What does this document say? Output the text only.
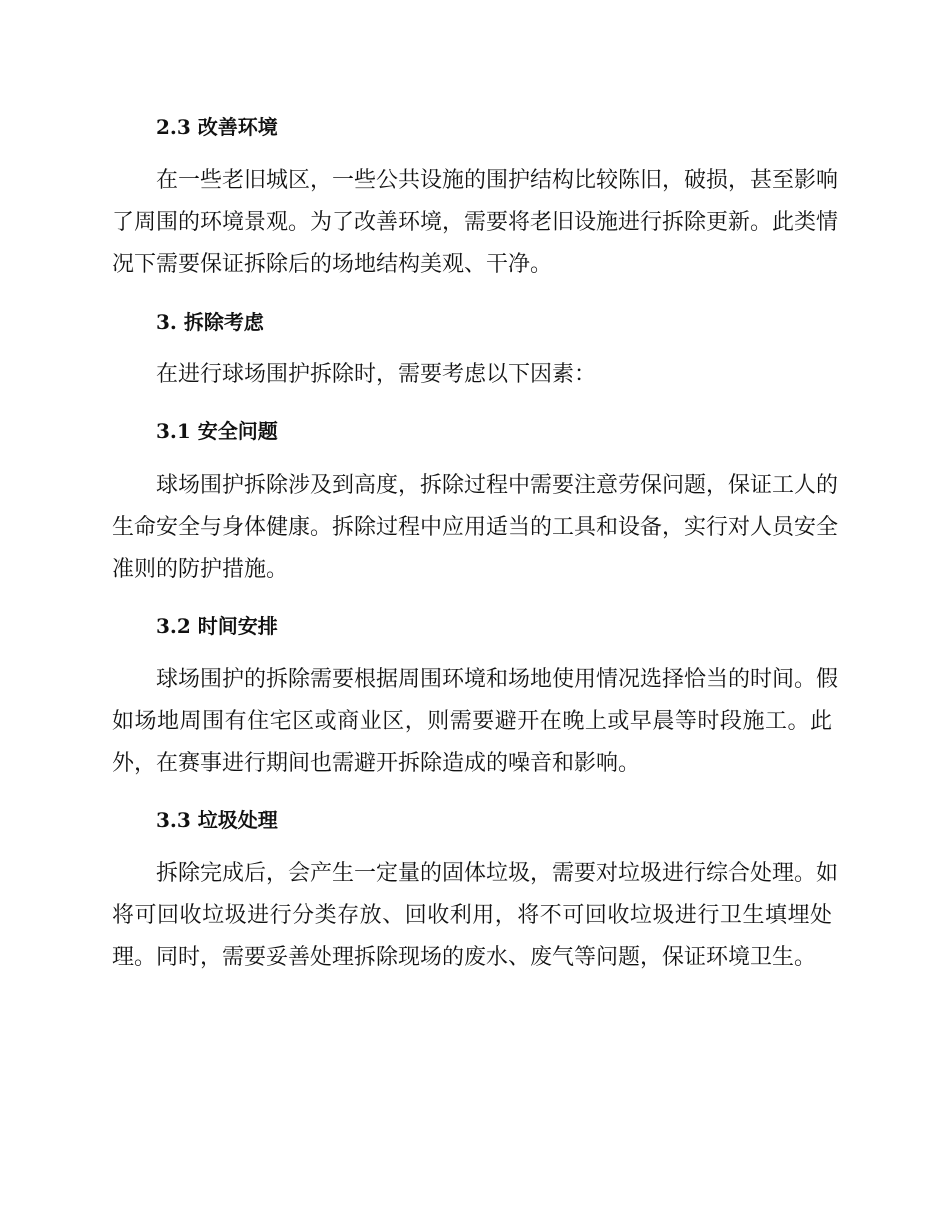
2.3 改善环境
在一些老旧城区，一些公共设施的围护结构比较陈旧，破损，甚至影响
了周围的环境景观。为了改善环境，需要将老旧设施进行拆除更新。此类情
况下需要保证拆除后的场地结构美观、干净。
3. 拆除考虑
在进行球场围护拆除时，需要考虑以下因素：
3.1 安全问题
球场围护拆除涉及到高度，拆除过程中需要注意劳保问题，保证工人的
生命安全与身体健康。拆除过程中应用适当的工具和设备，实行对人员安全
准则的防护措施。
3.2 时间安排
球场围护的拆除需要根据周围环境和场地使用情况选择恰当的时间。假
如场地周围有住宅区或商业区，则需要避开在晚上或早晨等时段施工。此
外，在赛事进行期间也需避开拆除造成的噪音和影响。
3.3 垃圾处理
拆除完成后，会产生一定量的固体垃圾，需要对垃圾进行综合处理。如
将可回收垃圾进行分类存放、回收利用，将不可回收垃圾进行卫生填埋处
理。同时，需要妥善处理拆除现场的废水、废气等问题，保证环境卫生。
